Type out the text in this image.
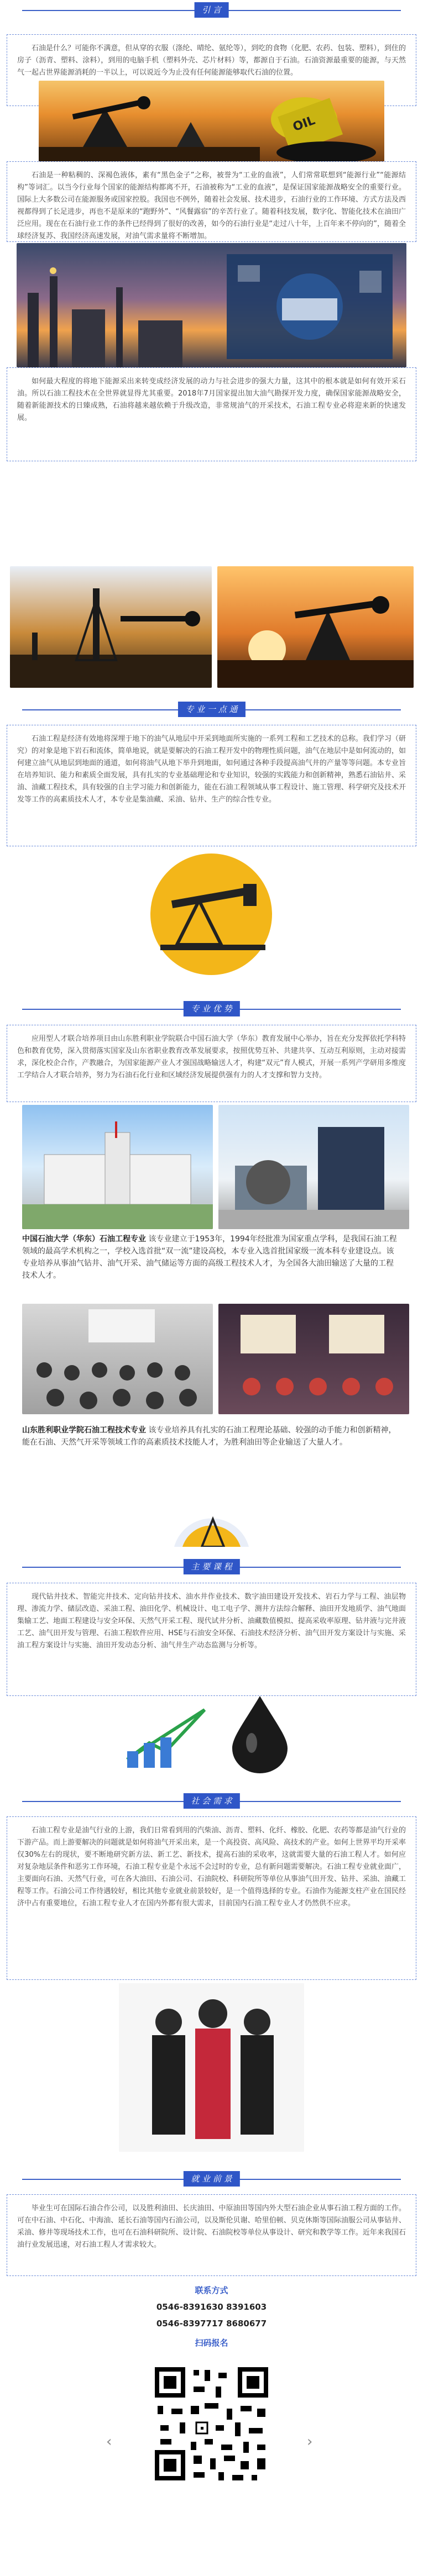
引 言
石油是什么？可能你不满意，但从穿的衣服（涤纶、晴纶、氨纶等），到吃的食物（化肥、农药、包装、塑料），到住的房子（沥青、塑料、涂料），到用的电脑手机（塑料外壳、芯片材料）等，都源自于石油。石油资源最重要的能源，与天然气一起占世界能源消耗的一半以上，可以说近今为止没有任何能源能够取代石油的位置。
OIL
石油是一种粘稠的、深褐色液体，素有“黑色金子”之称，被誉为“工业的血液”，人们常常联想到“能源行业”“能源结构”等词汇。以当今行业每个国家的能源结构都离不开，石油被称为“工业的血液”，是保证国家能源战略安全的重要行业。国际上大多数公司在能源服务或国家控股。我国也不例外，随着社会发展、技术进步，石油行业的工作环境、方式方法及西视都得到了长足进步，再也不是原来的“跑野外”、“风餐露宿”的辛苦行业了。随着科技发展，数字化、智能化技术在油田广泛应用。现在在石油行业工作的条件已经得到了很好的改善，如今的石油行业是“走过八十年，上百年来不停向的”，随着全球经济复苏、我国经济高速发展，对油气需求量将不断增加。
如何最大程度的将地下能源采出来转变成经济发展的动力与社会进步的强大力量，这其中的根本就是如何有效开采石油。所以石油工程技术在全世界就显得尤其重要。2018年7月国家提出加大油气勘探开发力度，确保国家能源战略安全，随着新能源技术的日臻成熟，石油将越来越依赖于升级改造，非常规油气的开采技术，石油工程专业必将迎来新的快速发展。
专 业 一 点 通
石油工程是经济有效地将深埋于地下的油气从地层中开采到地面所实施的一系列工程和工艺技术的总称。我们学习（研究）的对象是地下岩石和流体，简单地说，就是要解决的石油工程开发中的物理性质问题，油气在地层中是如何流动的，如何建立油气从地层到地面的通道，如何将油气从地下举升到地面，如何通过各种手段提高油气井的产量等等问题。本专业旨在培养知识、能力和素质全面发展，具有扎实的专业基础理论和专业知识，较强的实践能力和创新精神，熟悉石油钻井、采油、油藏工程技术，具有较强的自主学习能力和创新能力，能在石油工程领域从事工程设计、施工管理、科学研究及技术开发等工作的高素质技术人才，本专业是集油藏、采油、钻井、生产的综合性专业。
专 业 优 势
应用型人才联合培养项目由山东胜利职业学院联合中国石油大学（华东）教育发展中心举办，旨在充分发挥依托学科特色和教育优势，深入贯彻落实国家及山东省职业教育改革发展要求，按照优势互补、共建共享、互动互利原则，主动对接需求，深化校企合作，产教融合，为国家能源产业人才强国战略输送人才，构建“双元”育人模式，开展一系列产学研用多维度工学结合人才联合培养，努力为石油石化行业和区域经济发展提供强有力的人才支撑和智力支持。
中国石油大学（华东）石油工程专业 该专业建立于1953年，1994年经批准为国家重点学科，是我国石油工程领域的最高学术机构之一，学校入选首批“双一流”建设高校，本专业入选首批国家级一流本科专业建设点。该专业培养从事油气钻井、油气开采、油气储运等方面的高级工程技术人才，为全国各大油田输送了大量的工程技术人才。
山东胜利职业学院石油工程技术专业 该专业培养具有扎实的石油工程理论基础、较强的动手能力和创新精神，能在石油、天然气开采等领域工作的高素质技术技能人才，为胜利油田等企业输送了大量人才。
主 要 课 程
现代钻井技术、智能完井技术、定向钻井技术、油水井作业技术、数字油田建设开发技术、岩石力学与工程、油层物理、渗流力学、储层改造、采油工程、油田化学、机械设计、电工电子学、测井方法综合解释、油田开发地质学、油气地面集输工艺、地面工程建设与安全环保、天然气开采工程、现代试井分析、油藏数值模拟、提高采收率原理、钻井液与完井液工艺、油气田开发与管理、石油工程软件应用、HSE与石油安全环保、石油技术经济分析、油气田开发方案设计与实施、采油工程方案设计与实施、油田开发动态分析、油气井生产动态监测与分析等。
社 会 需 求
石油工程专业是油气行业的上游，我们日常看到用的汽柴油、沥青、塑料、化纤、橡胶、化肥、农药等都是油气行业的下游产品。而上游要解决的问题就是如何将油气开采出来，是一个高投资、高风险、高技术的产业。如何上世界平均开采率仅30%左右的现状，要不断地研究新方法、新工艺、新技术，提高石油的采收率，这就需要大量的石油工程人才。如何应对复杂地层条件和恶劣工作环境，石油工程专业是个永远不会过时的专业，总有新问题需要解决。石油工程专业就业面广，主要面向石油、天然气行业，可在各大油田、石油公司、石油院校、科研院所等单位从事油气田开发、钻井、采油、油藏工程等工作。石油公司工作待遇较好，相比其他专业就业前景较好，是一个值得选择的专业。石油作为能源支柱产业在国民经济中占有重要地位，石油工程专业人才在国内外都有很大需求，目前国内石油工程专业人才仍然供不应求。
就 业 前 景
毕业生可在国际石油合作公司，以及胜利油田、长庆油田、中原油田等国内外大型石油企业从事石油工程方面的工作。可在中石油、中石化、中海油、延长石油等国内石油公司，以及斯伦贝谢、哈里伯顿、贝克休斯等国际油服公司从事钻井、采油、修井等现场技术工作，也可在石油科研院所、设计院、石油院校等单位从事设计、研究和教学等工作。近年来我国石油行业发展迅速，对石油工程人才需求较大。
联系方式
0546-8391630 8391603
0546-8397717 8680677
扫码报名
‹	›
